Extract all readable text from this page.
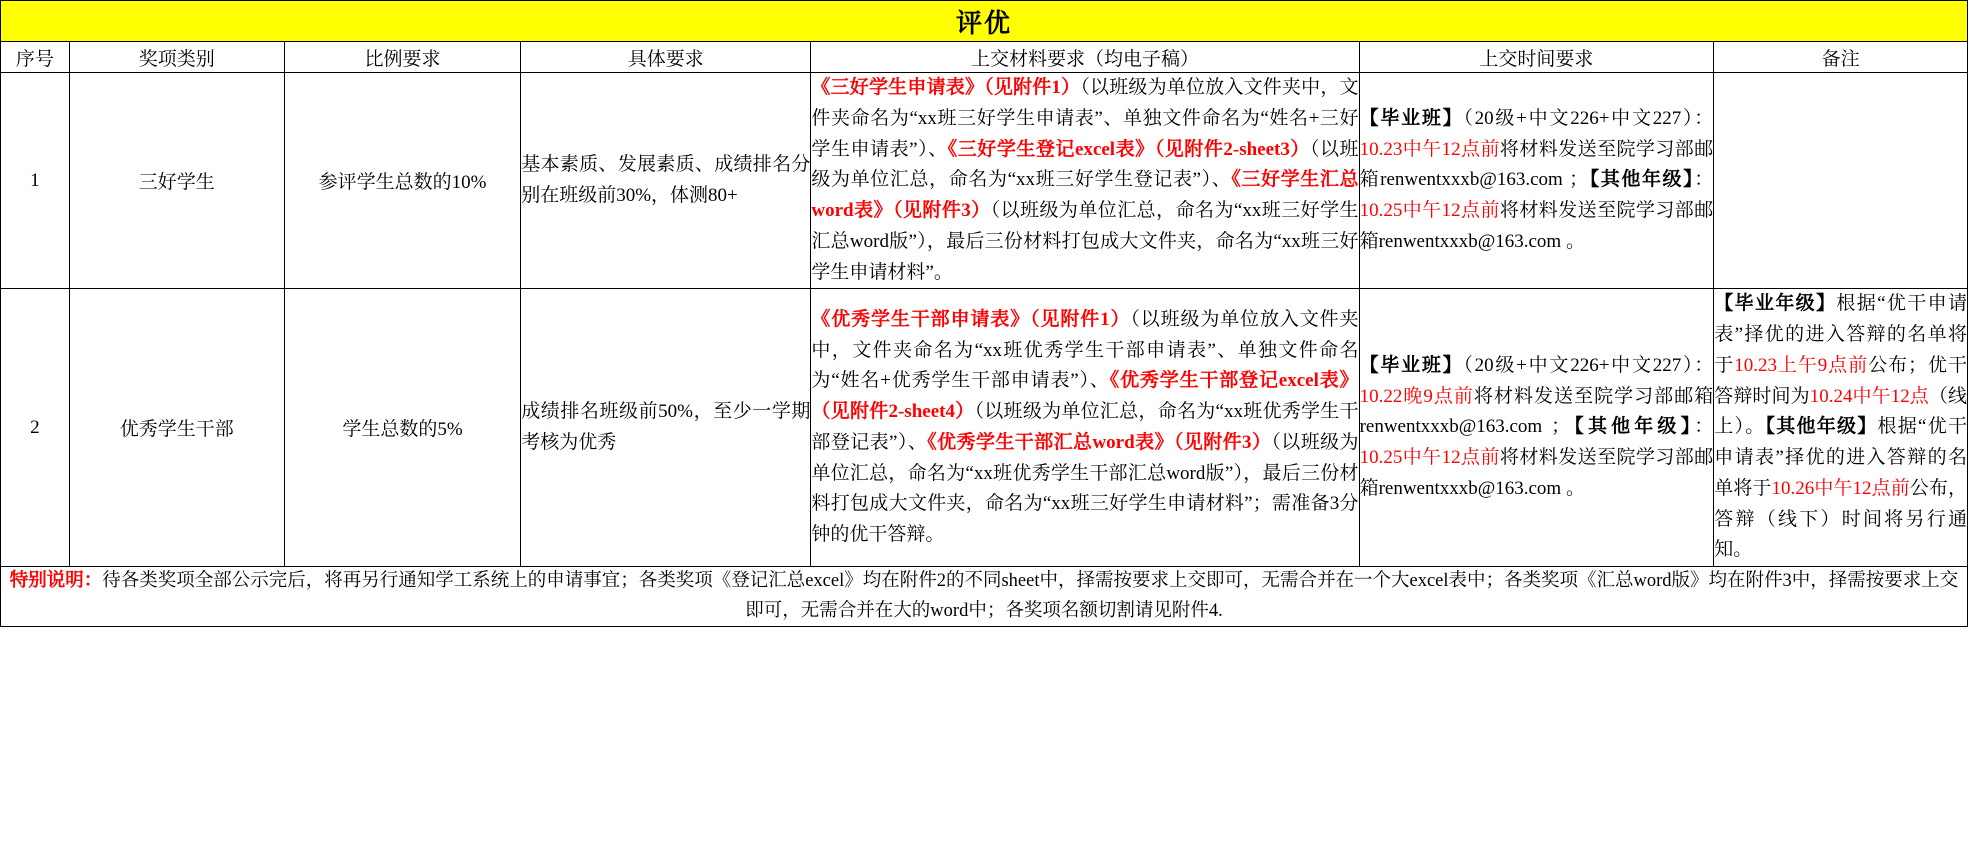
评优						
序号	奖项类别	比例要求	具体要求	上交材料要求（均电子稿）	上交时间要求	备注
1	三好学生	参评学生总数的10%	基本素质、发展素质、成绩排名分别在班级前30%，体测80+	《三好学生申请表》（见附件1）（以班级为单位放入文件夹中，文件夹命名为“xx班三好学生申请表”、单独文件命名为“姓名+三好学生申请表”）、《三好学生登记excel表》（见附件2-sheet3）（以班级为单位汇总，命名为“xx班三好学生登记表”）、《三好学生汇总word表》（见附件3）（以班级为单位汇总，命名为“xx班三好学生汇总word版”），最后三份材料打包成大文件夹，命名为“xx班三好学生申请材料”。	【毕业班】（20级+中文226+中文227）：10.23中午12点前将材料发送至院学习部邮箱renwentxxxb@163.com ；【其他年级】：10.25中午12点前将材料发送至院学习部邮箱renwentxxxb@163.com 。	
2	优秀学生干部	学生总数的5%	成绩排名班级前50%，至少一学期考核为优秀	《优秀学生干部申请表》（见附件1）（以班级为单位放入文件夹中，文件夹命名为“xx班优秀学生干部申请表”、单独文件命名为“姓名+优秀学生干部申请表”）、《优秀学生干部登记excel表》（见附件2-sheet4）（以班级为单位汇总，命名为“xx班优秀学生干部登记表”）、《优秀学生干部汇总word表》（见附件3）（以班级为单位汇总，命名为“xx班优秀学生干部汇总word版”），最后三份材料打包成大文件夹，命名为“xx班三好学生申请材料”；需准备3分钟的优干答辩。	【毕业班】（20级+中文226+中文227）：10.22晚9点前将材料发送至院学习部邮箱renwentxxxb@163.com ；【其他年级】：10.25中午12点前将材料发送至院学习部邮箱renwentxxxb@163.com 。	【毕业年级】根据“优干申请表”择优的进入答辩的名单将于10.23上午9点前公布；优干答辩时间为10.24中午12点（线上）。【其他年级】根据“优干申请表”择优的进入答辩的名单将于10.26中午12点前公布，答辩（线下）时间将另行通知。
特别说明：待各类奖项全部公示完后，将再另行通知学工系统上的申请事宜；各类奖项《登记汇总excel》均在附件2的不同sheet中，择需按要求上交即可，无需合并在一个大excel表中；各类奖项《汇总word版》均在附件3中，择需按要求上交即可，无需合并在大的word中；各奖项名额切割请见附件4.						
